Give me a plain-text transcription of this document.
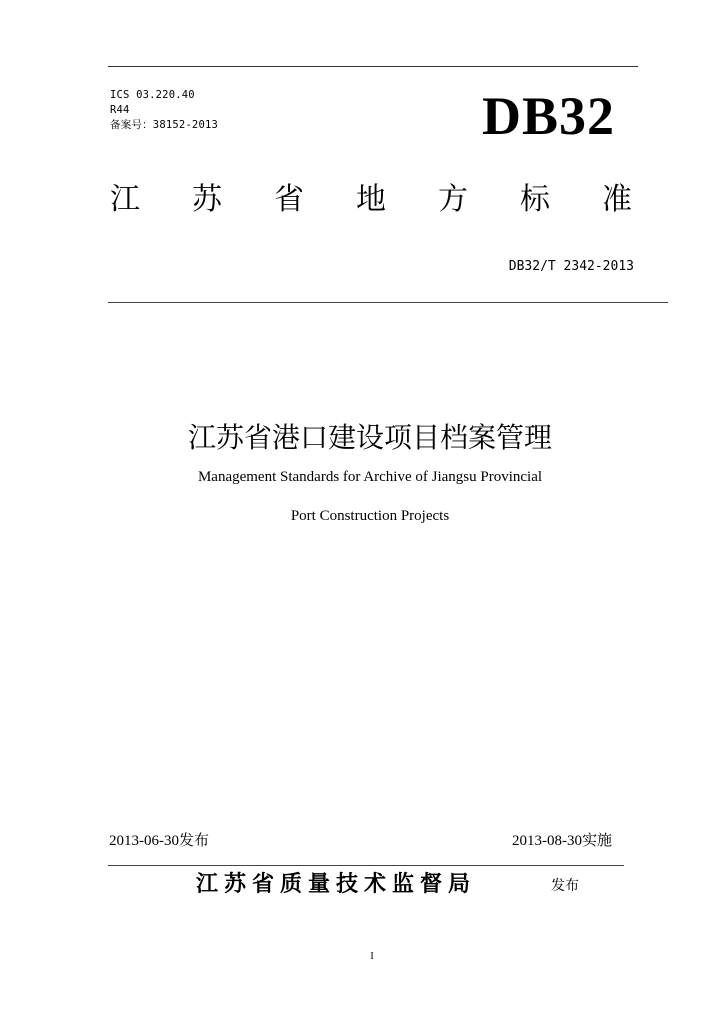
ICS 03.220.40
R44
备案号：38152-2013	DB32
江 苏 省 地 方 标 准
DB32/T 2342-2013
江苏省港口建设项目档案管理
Management Standards for Archive of Jiangsu Provincial
Port Construction Projects
2013-06-30发布	2013-08-30实施
江苏省质量技术监督局	发布
I
